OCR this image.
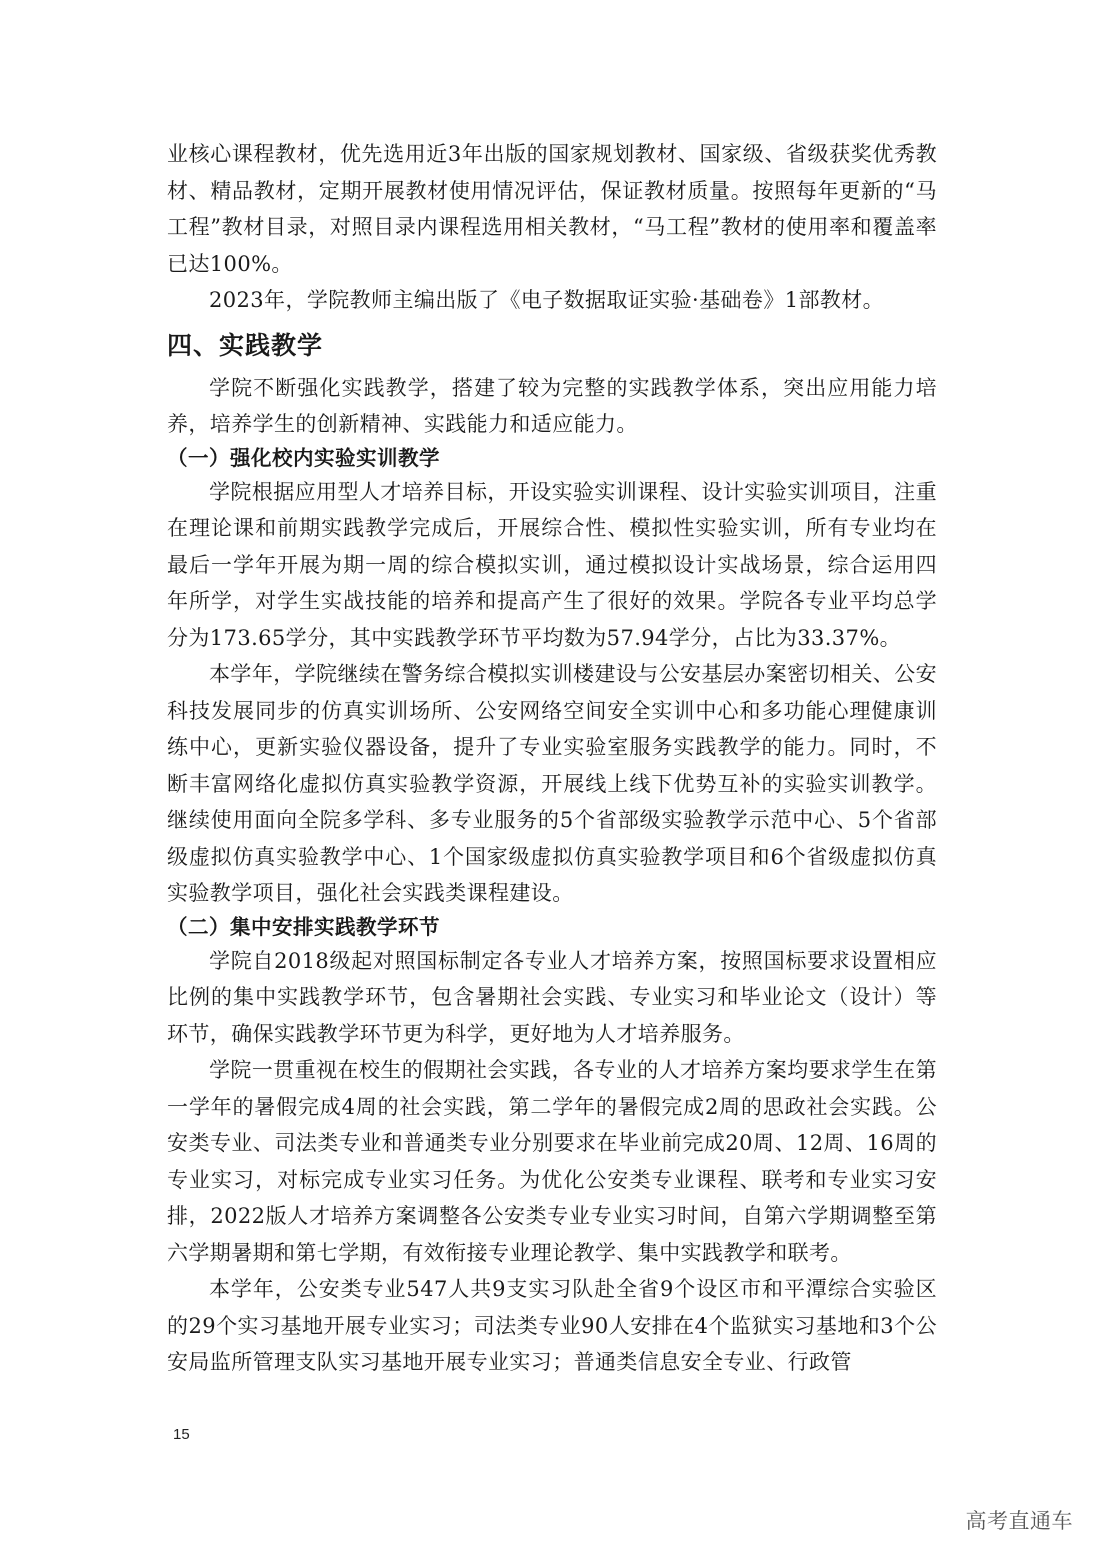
业核心课程教材，优先选用近3年出版的国家规划教材、国家级、省级获奖优秀教材、精品教材，定期开展教材使用情况评估，保证教材质量。按照每年更新的“马工程”教材目录，对照目录内课程选用相关教材，“马工程”教材的使用率和覆盖率已达100%。

2023年，学院教师主编出版了《电子数据取证实验·基础卷》1部教材。

四、实践教学

学院不断强化实践教学，搭建了较为完整的实践教学体系，突出应用能力培养，培养学生的创新精神、实践能力和适应能力。

（一）强化校内实验实训教学

学院根据应用型人才培养目标，开设实验实训课程、设计实验实训项目，注重在理论课和前期实践教学完成后，开展综合性、模拟性实验实训，所有专业均在最后一学年开展为期一周的综合模拟实训，通过模拟设计实战场景，综合运用四年所学，对学生实战技能的培养和提高产生了很好的效果。学院各专业平均总学分为173.65学分，其中实践教学环节平均数为57.94学分，占比为33.37%。

本学年，学院继续在警务综合模拟实训楼建设与公安基层办案密切相关、公安科技发展同步的仿真实训场所、公安网络空间安全实训中心和多功能心理健康训练中心，更新实验仪器设备，提升了专业实验室服务实践教学的能力。同时，不断丰富网络化虚拟仿真实验教学资源，开展线上线下优势互补的实验实训教学。继续使用面向全院多学科、多专业服务的5个省部级实验教学示范中心、5个省部级虚拟仿真实验教学中心、1个国家级虚拟仿真实验教学项目和6个省级虚拟仿真实验教学项目，强化社会实践类课程建设。

（二）集中安排实践教学环节

学院自2018级起对照国标制定各专业人才培养方案，按照国标要求设置相应比例的集中实践教学环节，包含暑期社会实践、专业实习和毕业论文（设计）等环节，确保实践教学环节更为科学，更好地为人才培养服务。

学院一贯重视在校生的假期社会实践，各专业的人才培养方案均要求学生在第一学年的暑假完成4周的社会实践，第二学年的暑假完成2周的思政社会实践。公安类专业、司法类专业和普通类专业分别要求在毕业前完成20周、12周、16周的专业实习，对标完成专业实习任务。为优化公安类专业课程、联考和专业实习安排，2022版人才培养方案调整各公安类专业专业实习时间，自第六学期调整至第六学期暑期和第七学期，有效衔接专业理论教学、集中实践教学和联考。

本学年，公安类专业547人共9支实习队赴全省9个设区市和平潭综合实验区的29个实习基地开展专业实习；司法类专业90人安排在4个监狱实习基地和3个公安局监所管理支队实习基地开展专业实习；普通类信息安全专业、行政管

15
高考直通车
